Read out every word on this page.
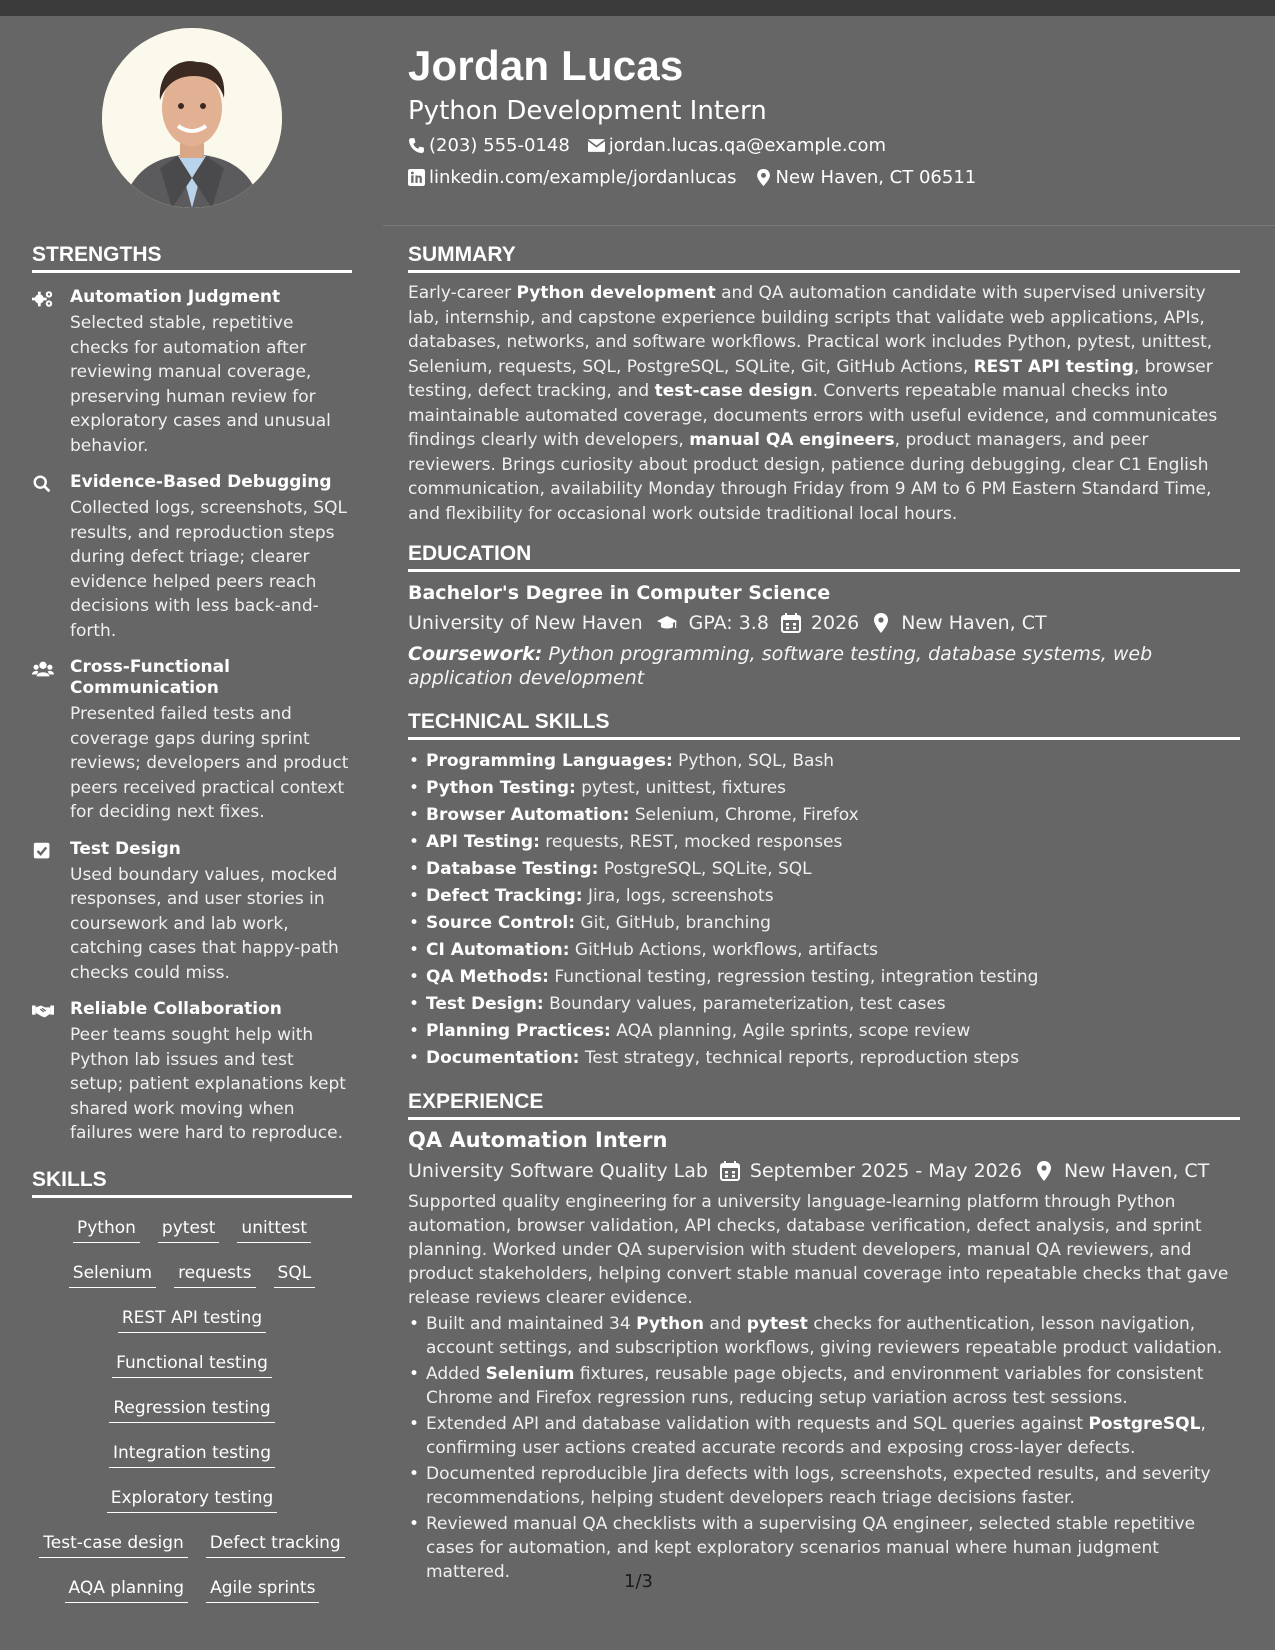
STRENGTHS
Automation Judgment
Selected stable, repetitive checks for automation after reviewing manual coverage, preserving human review for exploratory cases and unusual behavior.
Evidence-Based Debugging
Collected logs, screenshots, SQL results, and reproduction steps during defect triage; clearer evidence helped peers reach decisions with less back-and-forth.
Cross-Functional Communication
Presented failed tests and coverage gaps during sprint reviews; developers and product peers received practical context for deciding next fixes.
Test Design
Used boundary values, mocked responses, and user stories in coursework and lab work, catching cases that happy-path checks could miss.
Reliable Collaboration
Peer teams sought help with Python lab issues and test setup; patient explanations kept shared work moving when failures were hard to reproduce.
SKILLS
Python pytest unittest
Selenium requests SQL
REST API testing
Functional testing
Regression testing
Integration testing
Exploratory testing
Test-case design Defect tracking
AQA planning Agile sprints
Jordan Lucas
Python Development Intern
(203) 555-0148 jordan.lucas.qa@example.com
linkedin.com/example/jordanlucas New Haven, CT 06511
SUMMARY
Early-career Python development and QA automation candidate with supervised university lab, internship, and capstone experience building scripts that validate web applications, APIs, databases, networks, and software workflows. Practical work includes Python, pytest, unittest, Selenium, requests, SQL, PostgreSQL, SQLite, Git, GitHub Actions, REST API testing, browser testing, defect tracking, and test-case design. Converts repeatable manual checks into maintainable automated coverage, documents errors with useful evidence, and communicates findings clearly with developers, manual QA engineers, product managers, and peer reviewers. Brings curiosity about product design, patience during debugging, clear C1 English communication, availability Monday through Friday from 9 AM to 6 PM Eastern Standard Time, and flexibility for occasional work outside traditional local hours.
EDUCATION
Bachelor's Degree in Computer Science
University of New Haven GPA: 3.8 2026 New Haven, CT
Coursework: Python programming, software testing, database systems, web application development
TECHNICAL SKILLS
• Programming Languages: Python, SQL, Bash
• Python Testing: pytest, unittest, fixtures
• Browser Automation: Selenium, Chrome, Firefox
• API Testing: requests, REST, mocked responses
• Database Testing: PostgreSQL, SQLite, SQL
• Defect Tracking: Jira, logs, screenshots
• Source Control: Git, GitHub, branching
• CI Automation: GitHub Actions, workflows, artifacts
• QA Methods: Functional testing, regression testing, integration testing
• Test Design: Boundary values, parameterization, test cases
• Planning Practices: AQA planning, Agile sprints, scope review
• Documentation: Test strategy, technical reports, reproduction steps
EXPERIENCE
QA Automation Intern
University Software Quality Lab September 2025 - May 2026 New Haven, CT
Supported quality engineering for a university language-learning platform through Python automation, browser validation, API checks, database verification, defect analysis, and sprint planning. Worked under QA supervision with student developers, manual QA reviewers, and product stakeholders, helping convert stable manual coverage into repeatable checks that gave release reviews clearer evidence.
• Built and maintained 34 Python and pytest checks for authentication, lesson navigation, account settings, and subscription workflows, giving reviewers repeatable product validation.
• Added Selenium fixtures, reusable page objects, and environment variables for consistent Chrome and Firefox regression runs, reducing setup variation across test sessions.
• Extended API and database validation with requests and SQL queries against PostgreSQL, confirming user actions created accurate records and exposing cross-layer defects.
• Documented reproducible Jira defects with logs, screenshots, expected results, and severity recommendations, helping student developers reach triage decisions faster.
• Reviewed manual QA checklists with a supervising QA engineer, selected stable repetitive cases for automation, and kept exploratory scenarios manual where human judgment mattered.	1/3
